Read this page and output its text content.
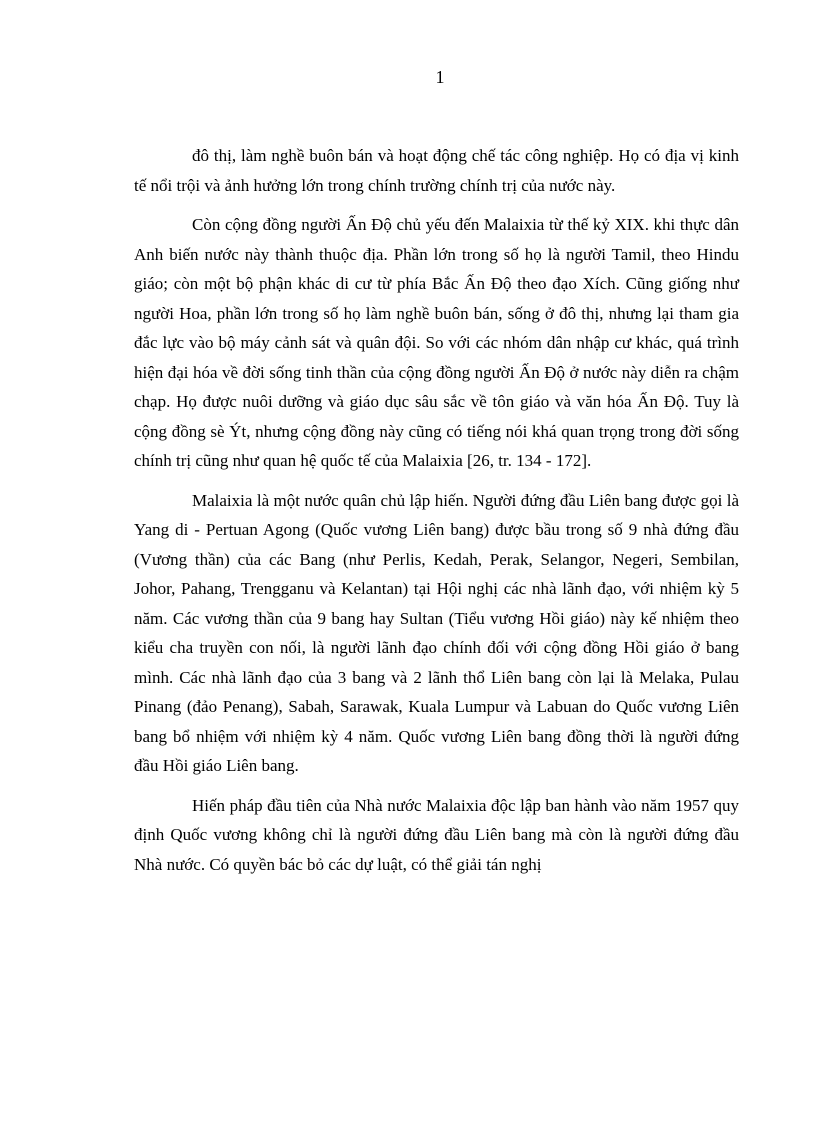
1

đô thị, làm nghề buôn bán và hoạt động chế tác công nghiệp. Họ có địa vị kinh tế nổi trội và ảnh hưởng lớn trong chính trường chính trị của nước này.

Còn cộng đồng người Ấn Độ chủ yếu đến Malaixia từ thế kỷ XIX. khi thực dân Anh biến nước này thành thuộc địa. Phần lớn trong số họ là người Tamil, theo Hindu giáo; còn một bộ phận khác di cư từ phía Bắc Ấn Độ theo đạo Xích. Cũng giống như người Hoa, phần lớn trong số họ làm nghề buôn bán, sống ở đô thị, nhưng lại tham gia đắc lực vào bộ máy cảnh sát và quân đội. So với các nhóm dân nhập cư khác, quá trình hiện đại hóa về đời sống tinh thần của cộng đồng người Ấn Độ ở nước này diễn ra chậm chạp. Họ được nuôi dưỡng và giáo dục sâu sắc về tôn giáo và văn hóa Ấn Độ. Tuy là cộng đồng sè Ýt, nhưng cộng đồng này cũng có tiếng nói khá quan trọng trong đời sống chính trị cũng như quan hệ quốc tế của Malaixia [26, tr. 134 - 172].

Malaixia là một nước quân chủ lập hiến. Người đứng đầu Liên bang được gọi là Yang di - Pertuan Agong (Quốc vương Liên bang) được bầu trong số 9 nhà đứng đầu (Vương thần) của các Bang (như Perlis, Kedah, Perak, Selangor, Negeri, Sembilan, Johor, Pahang, Trengganu và Kelantan) tại Hội nghị các nhà lãnh đạo, với nhiệm kỳ 5 năm. Các vương thần của 9 bang hay Sultan (Tiểu vương Hồi giáo) này kế nhiệm theo kiểu cha truyền con nối, là người lãnh đạo chính đối với cộng đồng Hồi giáo ở bang mình. Các nhà lãnh đạo của 3 bang và 2 lãnh thổ Liên bang còn lại là Melaka, Pulau Pinang (đảo Penang), Sabah, Sarawak, Kuala Lumpur và Labuan do Quốc vương Liên bang bổ nhiệm với nhiệm kỳ 4 năm. Quốc vương Liên bang đồng thời là người đứng đầu Hồi giáo Liên bang.

Hiến pháp đầu tiên của Nhà nước Malaixia độc lập ban hành vào năm 1957 quy định Quốc vương không chỉ là người đứng đầu Liên bang mà còn là người đứng đầu Nhà nước. Có quyền bác bỏ các dự luật, có thể giải tán nghị
